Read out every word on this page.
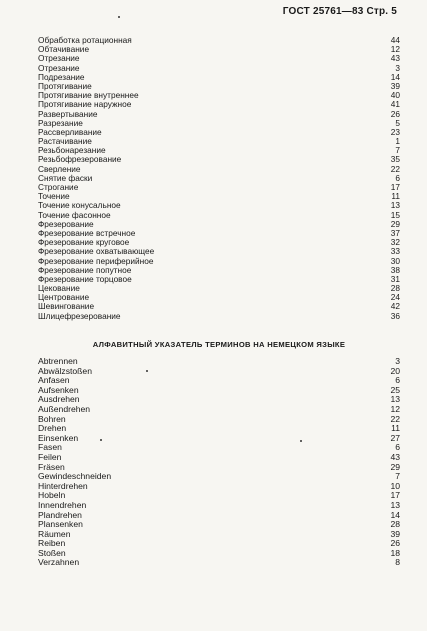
ГОСТ 25761—83 Стр. 5
Обработка ротационная	44
Обтачивание	12
Отрезание	43
Отрезание	3
Подрезание	14
Протягивание	39
Протягивание внутреннее	40
Протягивание наружное	41
Развертывание	26
Разрезание	5
Рассверливание	23
Растачивание	1
Резьбонарезание	7
Резьбофрезерование	35
Сверление	22
Снятие фаски	6
Строгание	17
Точение	11
Точение конусальное	13
Точение фасонное	15
Фрезерование	29
Фрезерование встречное	37
Фрезерование круговое	32
Фрезерование охватывающее	33
Фрезерование периферийное	30
Фрезерование попутное	38
Фрезерование торцовое	31
Цекование	28
Центрование	24
Шевингование	42
Шлицефрезерование	36
АЛФАВИТНЫЙ УКАЗАТЕЛЬ ТЕРМИНОВ НА НЕМЕЦКОМ ЯЗЫКЕ
Abtrennen	3
Abwälzstoßen	20
Anfasen	6
Aufsenken	25
Ausdrehen	13
Außendrehen	12
Bohren	22
Drehen	11
Einsenken	27
Fasen	6
Feilen	43
Fräsen	29
Gewindeschneiden	7
Hinterdrehen	10
Hobeln	17
Innendrehen	13
Plandrehen	14
Plansenken	28
Räumen	39
Reiben	26
Stoßen	18
Verzahnen	8
